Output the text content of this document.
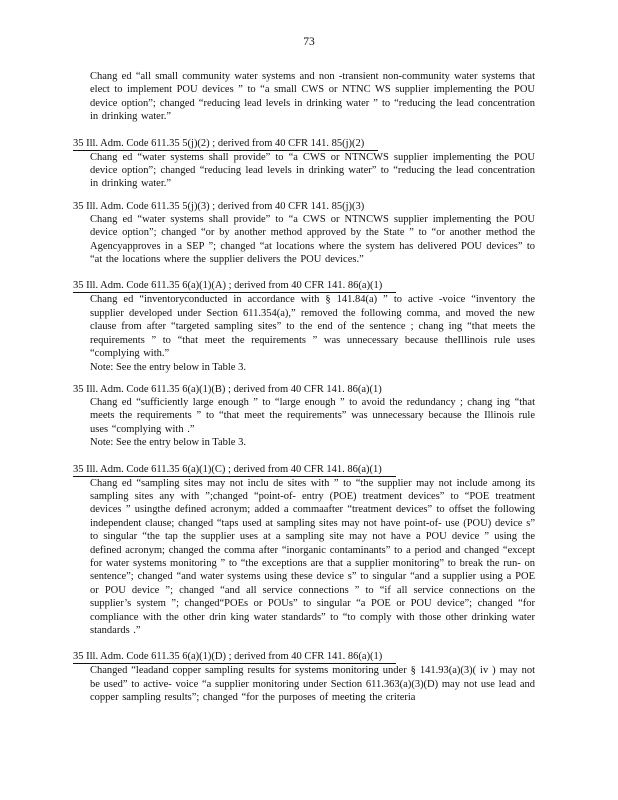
73
Chang ed “all small community water systems and non -transient non-community water systems that elect to implement POU devices ” to “a small CWS or NTNC WS supplier implementing the POU device option”; changed “reducing lead levels in drinking water ” to “reducing the lead concentration in drinking water.”
35 Ill. Adm. Code 611.35 5(j)(2) ; derived from 40 CFR 141. 85(j)(2)
Chang ed “water systems shall provide” to “a CWS or NTNCWS supplier implementing the POU device option”; changed “reducing lead levels in drinking water” to “reducing the lead concentration in drinking water.”
35 Ill. Adm. Code 611.35 5(j)(3) ; derived from 40 CFR 141. 85(j)(3)
Chang ed “water systems shall provide” to “a CWS or NTNCWS supplier implementing the POU device option”; changed “or by another method approved by the State ” to “or another method the Agencyapproves in a SEP ”; changed “at locations where the system has delivered POU devices” to “at the locations where the supplier delivers the POU devices.”
35 Ill. Adm. Code 611.35 6(a)(1)(A) ; derived from 40 CFR 141. 86(a)(1)
Chang ed “inventoryconducted in accordance with § 141.84(a) ” to active -voice “inventory the supplier developed under Section 611.354(a),” removed the following comma, and moved the new clause from after “targeted sampling sites” to the end of the sentence ; chang ing “that meets the requirements ” to “that meet the requirements ” was unnecessary because theIllinois rule uses “complying with.”
Note: See the entry below in Table 3.
35 Ill. Adm. Code 611.35 6(a)(1)(B) ; derived from 40 CFR 141. 86(a)(1)
Chang ed “sufficiently large enough ” to “large enough ” to avoid the redundancy ; chang ing “that meets the requirements ” to “that meet the requirements” was unnecessary because the Illinois rule uses “complying with .”
Note: See the entry below in Table 3.
35 Ill. Adm. Code 611.35 6(a)(1)(C) ; derived from 40 CFR 141. 86(a)(1)
Chang ed “sampling sites may not inclu de sites with ” to “the supplier may not include among its sampling sites any with ”;changed “point-of- entry (POE) treatment devices” to “POE treatment devices ” usingthe defined acronym; added a commaafter “treatment devices” to offset the following independent clause; changed “taps used at sampling sites may not have point-of- use (POU) device s” to singular “the tap the supplier uses at a sampling site may not have a POU device ” using the defined acronym; changed the comma after “inorganic contaminants” to a period and changed “except for water systems monitoring ” to “the exceptions are that a supplier monitoring” to break the run- on sentence”; changed “and water systems using these device s” to singular “and a supplier using a POE or POU device ”; changed “and all service connections ” to “if all service connections on the supplier’s system ”; changed“POEs or POUs” to singular “a POE or POU device”; changed “for compliance with the other drin king water standards” to “to comply with those other drinking water standards .”
35 Ill. Adm. Code 611.35 6(a)(1)(D) ; derived from 40 CFR 141. 86(a)(1)
Changed “leadand copper sampling results for systems monitoring under § 141.93(a)(3)( iv ) may not be used” to active- voice “a supplier monitoring under Section 611.363(a)(3)(D) may not use lead and copper sampling results”; changed “for the purposes of meeting the criteria
